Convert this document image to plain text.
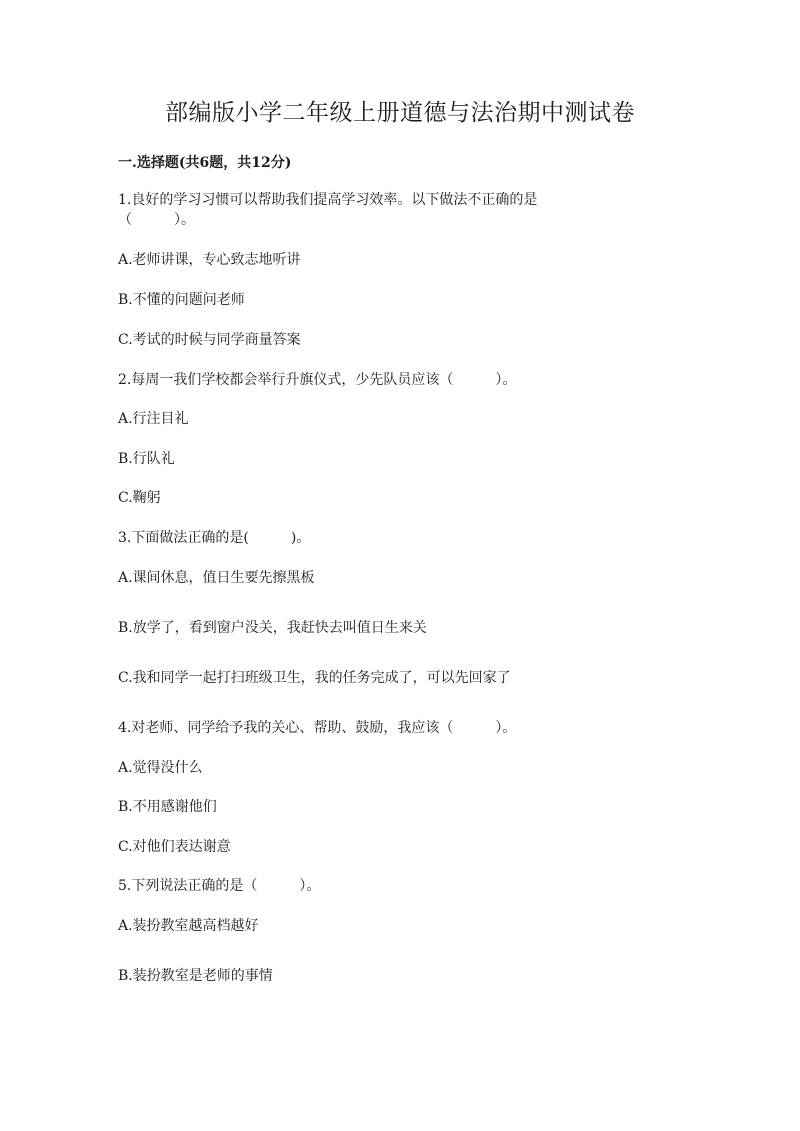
部编版小学二年级上册道德与法治期中测试卷

一.选择题(共6题，共12分)

1.良好的学习习惯可以帮助我们提高学习效率。以下做法不正确的是

（　　　）。

A.老师讲课，专心致志地听讲

B.不懂的问题问老师

C.考试的时候与同学商量答案

2.每周一我们学校都会举行升旗仪式，少先队员应该（　　　）。

A.行注目礼

B.行队礼

C.鞠躬

3.下面做法正确的是(　　　)。

A.课间休息，值日生要先擦黑板

B.放学了，看到窗户没关，我赶快去叫值日生来关

C.我和同学一起打扫班级卫生，我的任务完成了，可以先回家了

4.对老师、同学给予我的关心、帮助、鼓励，我应该（　　　）。

A.觉得没什么

B.不用感谢他们

C.对他们表达谢意

5.下列说法正确的是（　　　）。

A.装扮教室越高档越好

B.装扮教室是老师的事情
